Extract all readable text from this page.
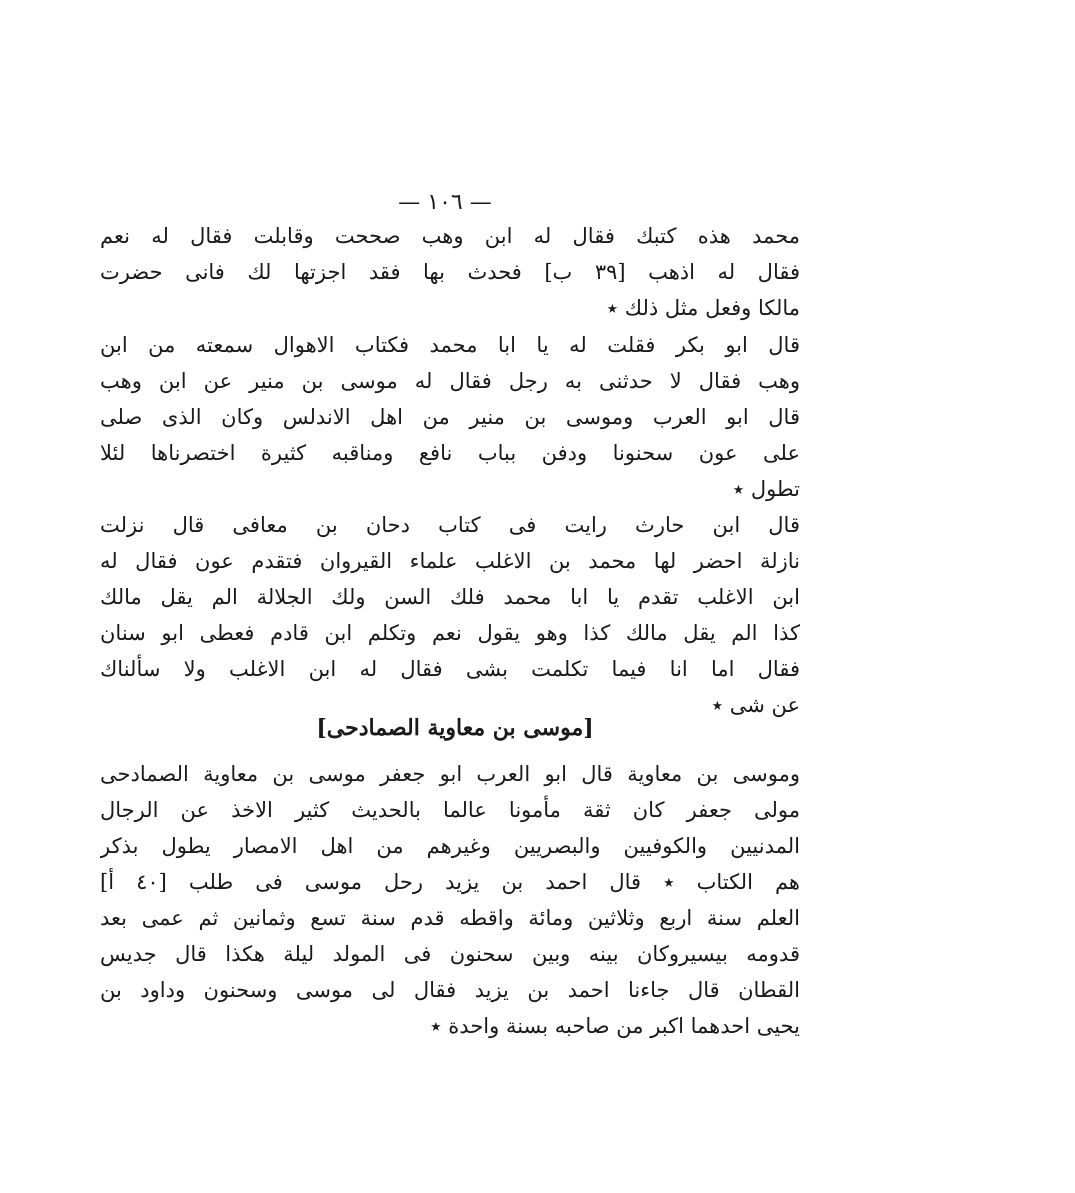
— ١٠٦ —
محمد هذه كتبك فقال له ابن وهب صححت وقابلت فقال له نعم
فقال له اذهب [٣٩ ب] فحدث بها فقد اجزتها لك فانى حضرت
مالكا وفعل مثل ذلك ٭
قال ابو بكر فقلت له يا ابا محمد فكتاب الاهوال سمعته من ابن
وهب فقال لا حدثنى به رجل فقال له موسى بن منير عن ابن وهب
قال ابو العرب وموسى بن منير من اهل الاندلس وكان الذى صلى
على عون سحنونا ودفن بباب نافع ومناقبه كثيرة اختصرناها لئلا
تطول ٭
قال ابن حارث رايت فى كتاب دحان بن معافى قال نزلت
نازلة احضر لها محمد بن الاغلب علماء القيروان فتقدم عون فقال له
ابن الاغلب تقدم يا ابا محمد فلك السن ولك الجلالة الم يقل مالك
كذا الم يقل مالك كذا وهو يقول نعم وتكلم ابن قادم فعطى ابو سنان
فقال اما انا فيما تكلمت بشى فقال له ابن الاغلب ولا سألناك
عن شى ٭
[موسى بن معاوية الصمادحى]
وموسى بن معاوية قال ابو العرب ابو جعفر موسى بن معاوية الصمادحى
مولى جعفر كان ثقة مأمونا عالما بالحديث كثير الاخذ عن الرجال
المدنيين والكوفيين والبصريين وغيرهم من اهل الامصار يطول بذكر
هم الكتاب ٭ قال احمد بن يزيد رحل موسى فى طلب [٤٠ أ]
العلم سنة اربع وثلاثين ومائة واقطه قدم سنة تسع وثمانين ثم عمى بعد
قدومه بيسيروكان بينه وبين سحنون فى المولد ليلة هكذا قال جديس
القطان قال جاءنا احمد بن يزيد فقال لى موسى وسحنون وداود بن
يحيى احدهما اكبر من صاحبه بسنة واحدة ٭
